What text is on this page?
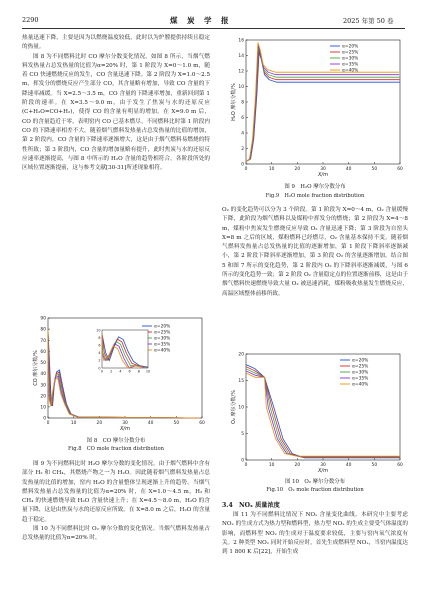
2290	煤　炭　学　报	2025 年第 50 卷

热量迅速下降，主要是因为以燃烧温度较低，此时以为炉膛提供持续且稳定的热量。

图 8 为不同燃料比时 CO 摩尔分数变化情况。如图 8 所示，当烟气燃料发热量占总发热量的比值为α=20% 时，第 1 阶段为 X=0～1.0 m，随着 CO 快速燃烧反应的发生，CO 含量迅速下降。第 2 阶段为 X=1.0～2.5 m，挥发分的燃烧反应产生部分 CO，其含量略有增加，导致 CO 含量的下降速率减缓。当 X=2.5～3.5 m，CO 含量的下降速率增加，重新回到第 1 阶段的速率。在 X=3.5～9.0 m，由于发生了焦炭与水的还原反应 (C+H₂O=CO+H₂)，使得 CO 的含量有明显的增加。在 X=9.0 m 后，CO 的含量趋近于零，表明窑内 CO 已基本燃尽。不同燃料比时第 1 阶段内 CO 的下降速率相差不大。随着烟气燃料发热量占总发热量的比值的增加，第 2 阶段内，CO 含量的下降速率逐渐增大，这是由于烟气燃料易燃烧的特性所致；第 3 阶段内，CO 含量的增加量略有提升，此时焦炭与水的还原反应速率逐渐提高，与图 8 中所示的 H₂O 含量的趋势相符合。各阶段所处的区域位置逐渐提前，这与参考文献[30-31]所述现象相符。

0
10
20
30
40
50
60
70
80
90
0	10	20	30	40	50	60
X/m
CO 摩尔分数/%
α=20%
α=25%
α=30%
α=35%
α=40%
0
2
4
6
8
10
0 2 4 6 8 10
图 8　CO 摩尔分数分布
Fig.8　CO mole fraction distribution

图 9 为不同燃料比时 H₂O 摩尔分数的变化情况。由于烟气燃料中含有部分 H₂ 和 CH₄，其燃烧产物之一为 H₂O。因此随着烟气燃料发热量占总发热量的比值的增加，窑内 H₂O 的含量整体呈现逐渐上升的趋势。当烟气燃料发热量占总发热量的比值为α=20% 时，在 X=1.0～4.5 m，H₂ 和 CH₄ 的快速燃烧导致 H₂O 含量快速上升；在 X=4.5～8.0 m，H₂O 的含量下降，这是由焦炭与水的还原反应所致。在 X=8.0 m 之后，H₂O 的含量趋于稳定。

图 10 为不同燃料比时 O₂ 摩尔分数的变化情况。当烟气燃料发热量占总发热量的比值为α=20% 时，

0
2
4
6
8
10
12
14
16
0	10	20	30	40	50	60
X/m
H₂O 摩尔分数/%
α=20%
α=25%
α=30%
α=35%
α=40%
图 9　H₂O 摩尔分数分布
Fig.9　H₂O mole fraction distribution

O₂ 的变化趋势可以分为 3 个阶段。第 1 阶段为 X=0～4 m，O₂ 含量缓慢下降，此阶段为烟气燃料以及煤粉中挥发分的燃烧；第 2 阶段为 X=4～8 m，煤粉中焦炭发生燃烧反应导致 O₂ 含量迅速下降；第 3 阶段为自窑头 X=8 m 之后的区域，煤粉燃料已经燃尽，O₂ 含量基本保持不变。随着烟气燃料发热量占总发热量的比值的逐渐增加，第 1 阶段下降斜率逐渐减小，第 2 阶段下降斜率逐渐增加，第 3 阶段 O₂ 的含量逐渐增加。结合图 5 和图 7 所示的变化趋势，第 2 阶段内 O₂ 的下降斜率逐渐减缓，与图 6 所示的变化趋势一致；第 2 阶段 O₂ 含量稳定点的位置逐渐前移，这是由于烟气燃料快速燃烧导致大量 O₂ 被迅速消耗，煤粉吸收热量发生燃烧反应，高温区域整体前移所致。

0
5
10
15
20
0	10	20	30	40	50	60
X/m
O₂ 摩尔分数/%
α=20%
α=25%
α=30%
α=35%
α=40%
图 10　O₂ 摩尔分数分布
Fig.10　O₂ mole fraction distribution
3.4　NOₓ 质量浓度

图 11 为不同燃料比情况下 NOₓ 含量变化曲线。本研究中主要考虑 NOₓ 的生成方式为热力型和燃料型，热力型 NOₓ 的生成主要受气体温度的影响，而燃料型 NOₓ 的生成对于温度要求较低，主要与窑内氧气浓度有关。2 种类型 NOₓ 同时开始反应时，首先生成燃料型 NOₓ，当窑内温度达到 1 800 K 后[22]，开始生成
